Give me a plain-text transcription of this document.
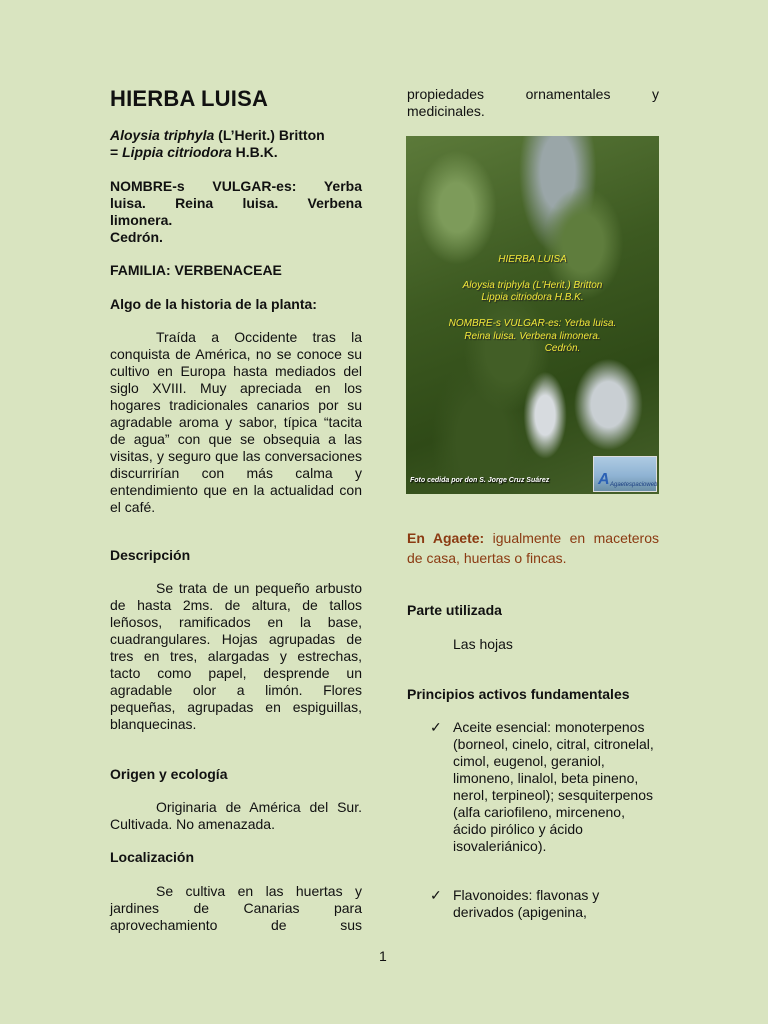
HIERBA LUISA

Aloysia triphyla (L’Herit.) Britton
= Lippia citriodora H.B.K.

NOMBRE-s VULGAR-es: Yerba

luisa. Reina luisa. Verbena

limonera.

Cedrón.

FAMILIA: VERBENACEAE

Algo de la historia de la planta:

Traída a Occidente tras la conquista de América, no se conoce su cultivo en Europa hasta mediados del siglo XVIII. Muy apreciada en los hogares tradicionales canarios por su agradable aroma y sabor, típica “tacita de agua” con que se obsequia a las visitas, y seguro que las conversaciones discurrirían con más calma y entendimiento que en la actualidad con el café.

Descripción

Se trata de un pequeño arbusto de hasta 2ms. de altura, de tallos leñosos, ramificados en la base, cuadrangulares. Hojas agrupadas de tres en tres, alargadas y estrechas, tacto como papel, desprende un agradable olor a limón. Flores pequeñas, agrupadas en espiguillas, blanquecinas.

Origen y ecología

Originaria de América del Sur. Cultivada. No amenazada.

Localización

Se cultiva en las huertas y jardines de Canarias para aprovechamiento de sus

propiedades ornamentales y medicinales.

HIERBA LUISA
Aloysia triphyla (L'Herit.) Britton
Lippia citriodora H.B.K.
NOMBRE-s VULGAR-es: Yerba luisa.
Reina luisa. Verbena limonera.
Cedrón.
Foto cedida por don S. Jorge Cruz Suárez	A Agaetespacioweb

En Agaete: igualmente en maceteros de casa, huertas o fincas.

Parte utilizada

Las hojas

Principios activos fundamentales

✓ Aceite esencial: monoterpenos (borneol, cinelo, citral, citronelal, cimol, eugenol, geraniol, limoneno, linalol, beta pineno, nerol, terpineol); sesquiterpenos (alfa cariofileno, mirceneno, ácido pirólico y ácido isovaleriánico).

✓ Flavonoides: flavonas y derivados (apigenina,

1
